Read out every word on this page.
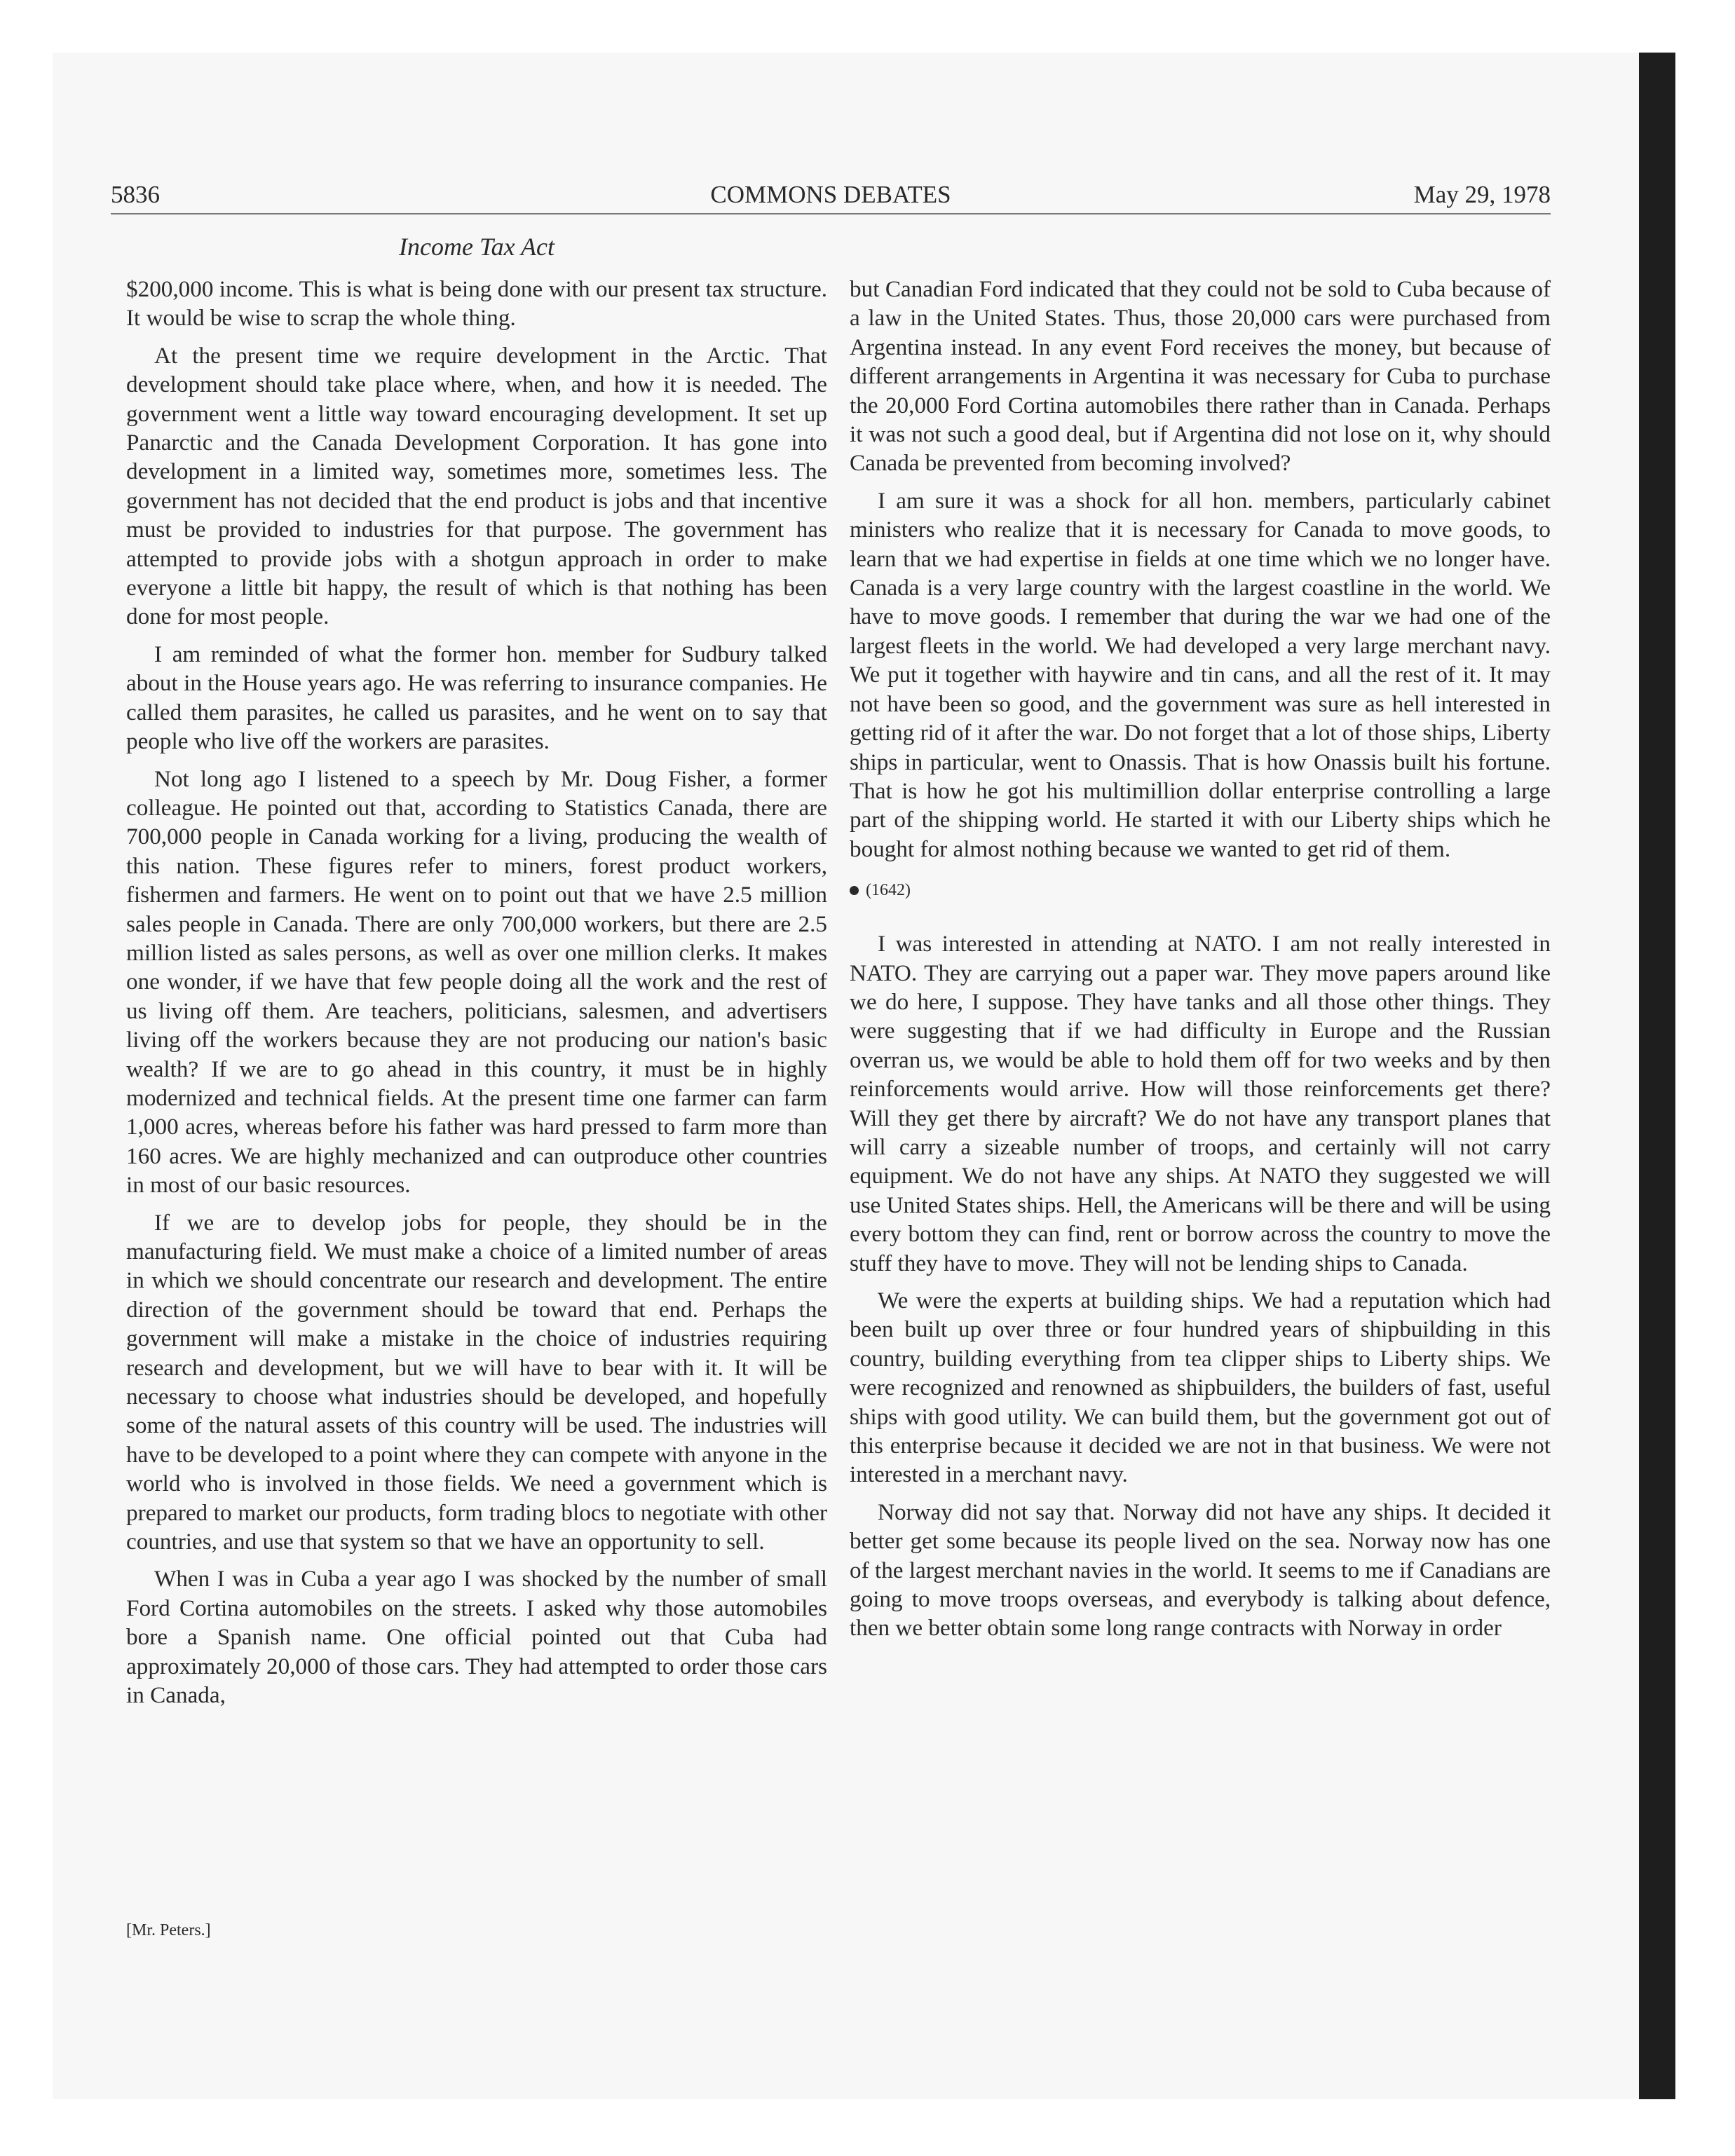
5836	COMMONS DEBATES	May 29, 1978
Income Tax Act

$200,000 income. This is what is being done with our present tax structure. It would be wise to scrap the whole thing.

At the present time we require development in the Arctic. That development should take place where, when, and how it is needed. The government went a little way toward encouraging development. It set up Panarctic and the Canada Development Corporation. It has gone into development in a limited way, sometimes more, sometimes less. The government has not decided that the end product is jobs and that incentive must be provided to industries for that purpose. The government has attempted to provide jobs with a shotgun approach in order to make everyone a little bit happy, the result of which is that nothing has been done for most people.

I am reminded of what the former hon. member for Sudbury talked about in the House years ago. He was referring to insurance companies. He called them parasites, he called us parasites, and he went on to say that people who live off the workers are parasites.

Not long ago I listened to a speech by Mr. Doug Fisher, a former colleague. He pointed out that, according to Statistics Canada, there are 700,000 people in Canada working for a living, producing the wealth of this nation. These figures refer to miners, forest product workers, fishermen and farmers. He went on to point out that we have 2.5 million sales people in Canada. There are only 700,000 workers, but there are 2.5 million listed as sales persons, as well as over one million clerks. It makes one wonder, if we have that few people doing all the work and the rest of us living off them. Are teachers, politicians, salesmen, and advertisers living off the workers because they are not producing our nation's basic wealth? If we are to go ahead in this country, it must be in highly modernized and technical fields. At the present time one farmer can farm 1,000 acres, whereas before his father was hard pressed to farm more than 160 acres. We are highly mechanized and can outproduce other countries in most of our basic resources.

If we are to develop jobs for people, they should be in the manufacturing field. We must make a choice of a limited number of areas in which we should concentrate our research and development. The entire direction of the government should be toward that end. Perhaps the government will make a mistake in the choice of industries requiring research and development, but we will have to bear with it. It will be necessary to choose what industries should be developed, and hopefully some of the natural assets of this country will be used. The industries will have to be developed to a point where they can compete with anyone in the world who is involved in those fields. We need a government which is prepared to market our products, form trading blocs to negotiate with other countries, and use that system so that we have an opportunity to sell.

When I was in Cuba a year ago I was shocked by the number of small Ford Cortina automobiles on the streets. I asked why those automobiles bore a Spanish name. One official pointed out that Cuba had approximately 20,000 of those cars. They had attempted to order those cars in Canada,

[Mr. Peters.]

but Canadian Ford indicated that they could not be sold to Cuba because of a law in the United States. Thus, those 20,000 cars were purchased from Argentina instead. In any event Ford receives the money, but because of different arrangements in Argentina it was necessary for Cuba to purchase the 20,000 Ford Cortina automobiles there rather than in Canada. Perhaps it was not such a good deal, but if Argentina did not lose on it, why should Canada be prevented from becoming involved?

I am sure it was a shock for all hon. members, particularly cabinet ministers who realize that it is necessary for Canada to move goods, to learn that we had expertise in fields at one time which we no longer have. Canada is a very large country with the largest coastline in the world. We have to move goods. I remember that during the war we had one of the largest fleets in the world. We had developed a very large merchant navy. We put it together with haywire and tin cans, and all the rest of it. It may not have been so good, and the government was sure as hell interested in getting rid of it after the war. Do not forget that a lot of those ships, Liberty ships in particular, went to Onassis. That is how Onassis built his fortune. That is how he got his multimillion dollar enterprise controlling a large part of the shipping world. He started it with our Liberty ships which he bought for almost nothing because we wanted to get rid of them.

(1642)

I was interested in attending at NATO. I am not really interested in NATO. They are carrying out a paper war. They move papers around like we do here, I suppose. They have tanks and all those other things. They were suggesting that if we had difficulty in Europe and the Russian overran us, we would be able to hold them off for two weeks and by then reinforcements would arrive. How will those reinforcements get there? Will they get there by aircraft? We do not have any transport planes that will carry a sizeable number of troops, and certainly will not carry equipment. We do not have any ships. At NATO they suggested we will use United States ships. Hell, the Americans will be there and will be using every bottom they can find, rent or borrow across the country to move the stuff they have to move. They will not be lending ships to Canada.

We were the experts at building ships. We had a reputation which had been built up over three or four hundred years of shipbuilding in this country, building everything from tea clipper ships to Liberty ships. We were recognized and renowned as shipbuilders, the builders of fast, useful ships with good utility. We can build them, but the government got out of this enterprise because it decided we are not in that business. We were not interested in a merchant navy.

Norway did not say that. Norway did not have any ships. It decided it better get some because its people lived on the sea. Norway now has one of the largest merchant navies in the world. It seems to me if Canadians are going to move troops overseas, and everybody is talking about defence, then we better obtain some long range contracts with Norway in order
